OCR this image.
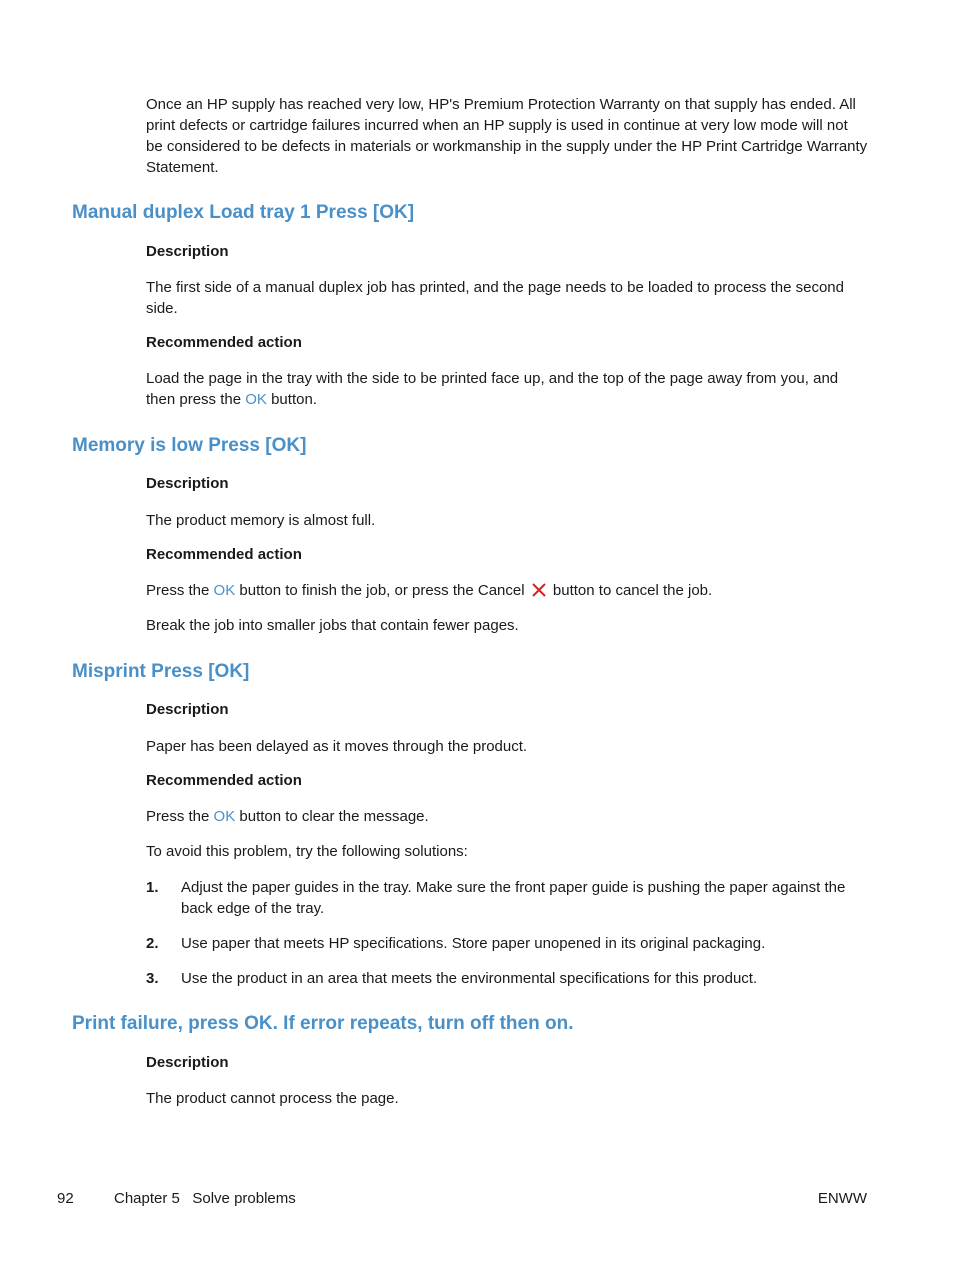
Once an HP supply has reached very low, HP's Premium Protection Warranty on that supply has ended. All print defects or cartridge failures incurred when an HP supply is used in continue at very low mode will not be considered to be defects in materials or workmanship in the supply under the HP Print Cartridge Warranty Statement.

Manual duplex Load tray 1 Press [OK]

Description

The first side of a manual duplex job has printed, and the page needs to be loaded to process the second side.

Recommended action

Load the page in the tray with the side to be printed face up, and the top of the page away from you, and then press the OK button.

Memory is low Press [OK]

Description

The product memory is almost full.

Recommended action

Press the OK button to finish the job, or press the Cancel  button to cancel the job.

Break the job into smaller jobs that contain fewer pages.

Misprint Press [OK]

Description

Paper has been delayed as it moves through the product.

Recommended action

Press the OK button to clear the message.

To avoid this problem, try the following solutions:

1. Adjust the paper guides in the tray. Make sure the front paper guide is pushing the paper against the back edge of the tray.

2. Use paper that meets HP specifications. Store paper unopened in its original packaging.

3. Use the product in an area that meets the environmental specifications for this product.

Print failure, press OK. If error repeats, turn off then on.

Description

The product cannot process the page.

92	Chapter 5   Solve problems	ENWW
